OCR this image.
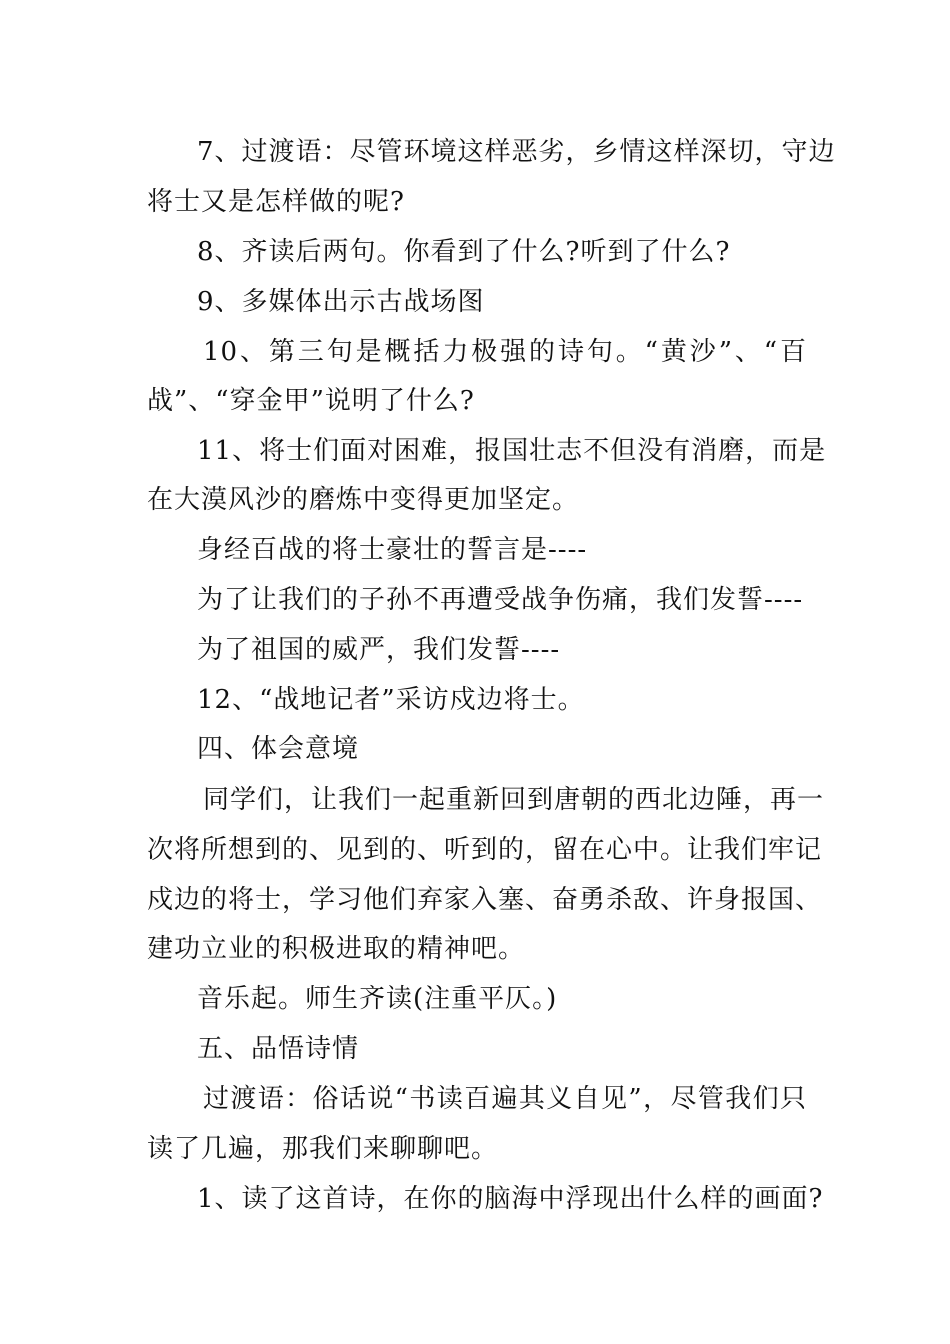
7、过渡语：尽管环境这样恶劣，乡情这样深切，守边
将士又是怎样做的呢?
8、齐读后两句。你看到了什么?听到了什么?
9、多媒体出示古战场图
10、第三句是概括力极强的诗句。“黄沙”、“百
战”、“穿金甲”说明了什么?
11、将士们面对困难，报国壮志不但没有消磨，而是
在大漠风沙的磨炼中变得更加坚定。
身经百战的将士豪壮的誓言是----
为了让我们的子孙不再遭受战争伤痛，我们发誓----
为了祖国的威严，我们发誓----
12、“战地记者”采访戍边将士。
四、体会意境
同学们，让我们一起重新回到唐朝的西北边陲，再一
次将所想到的、见到的、听到的，留在心中。让我们牢记
戍边的将士，学习他们弃家入塞、奋勇杀敌、许身报国、
建功立业的积极进取的精神吧。
音乐起。师生齐读(注重平仄。)
五、品悟诗情
过渡语：俗话说“书读百遍其义自见”，尽管我们只
读了几遍，那我们来聊聊吧。
1、读了这首诗，在你的脑海中浮现出什么样的画面?
